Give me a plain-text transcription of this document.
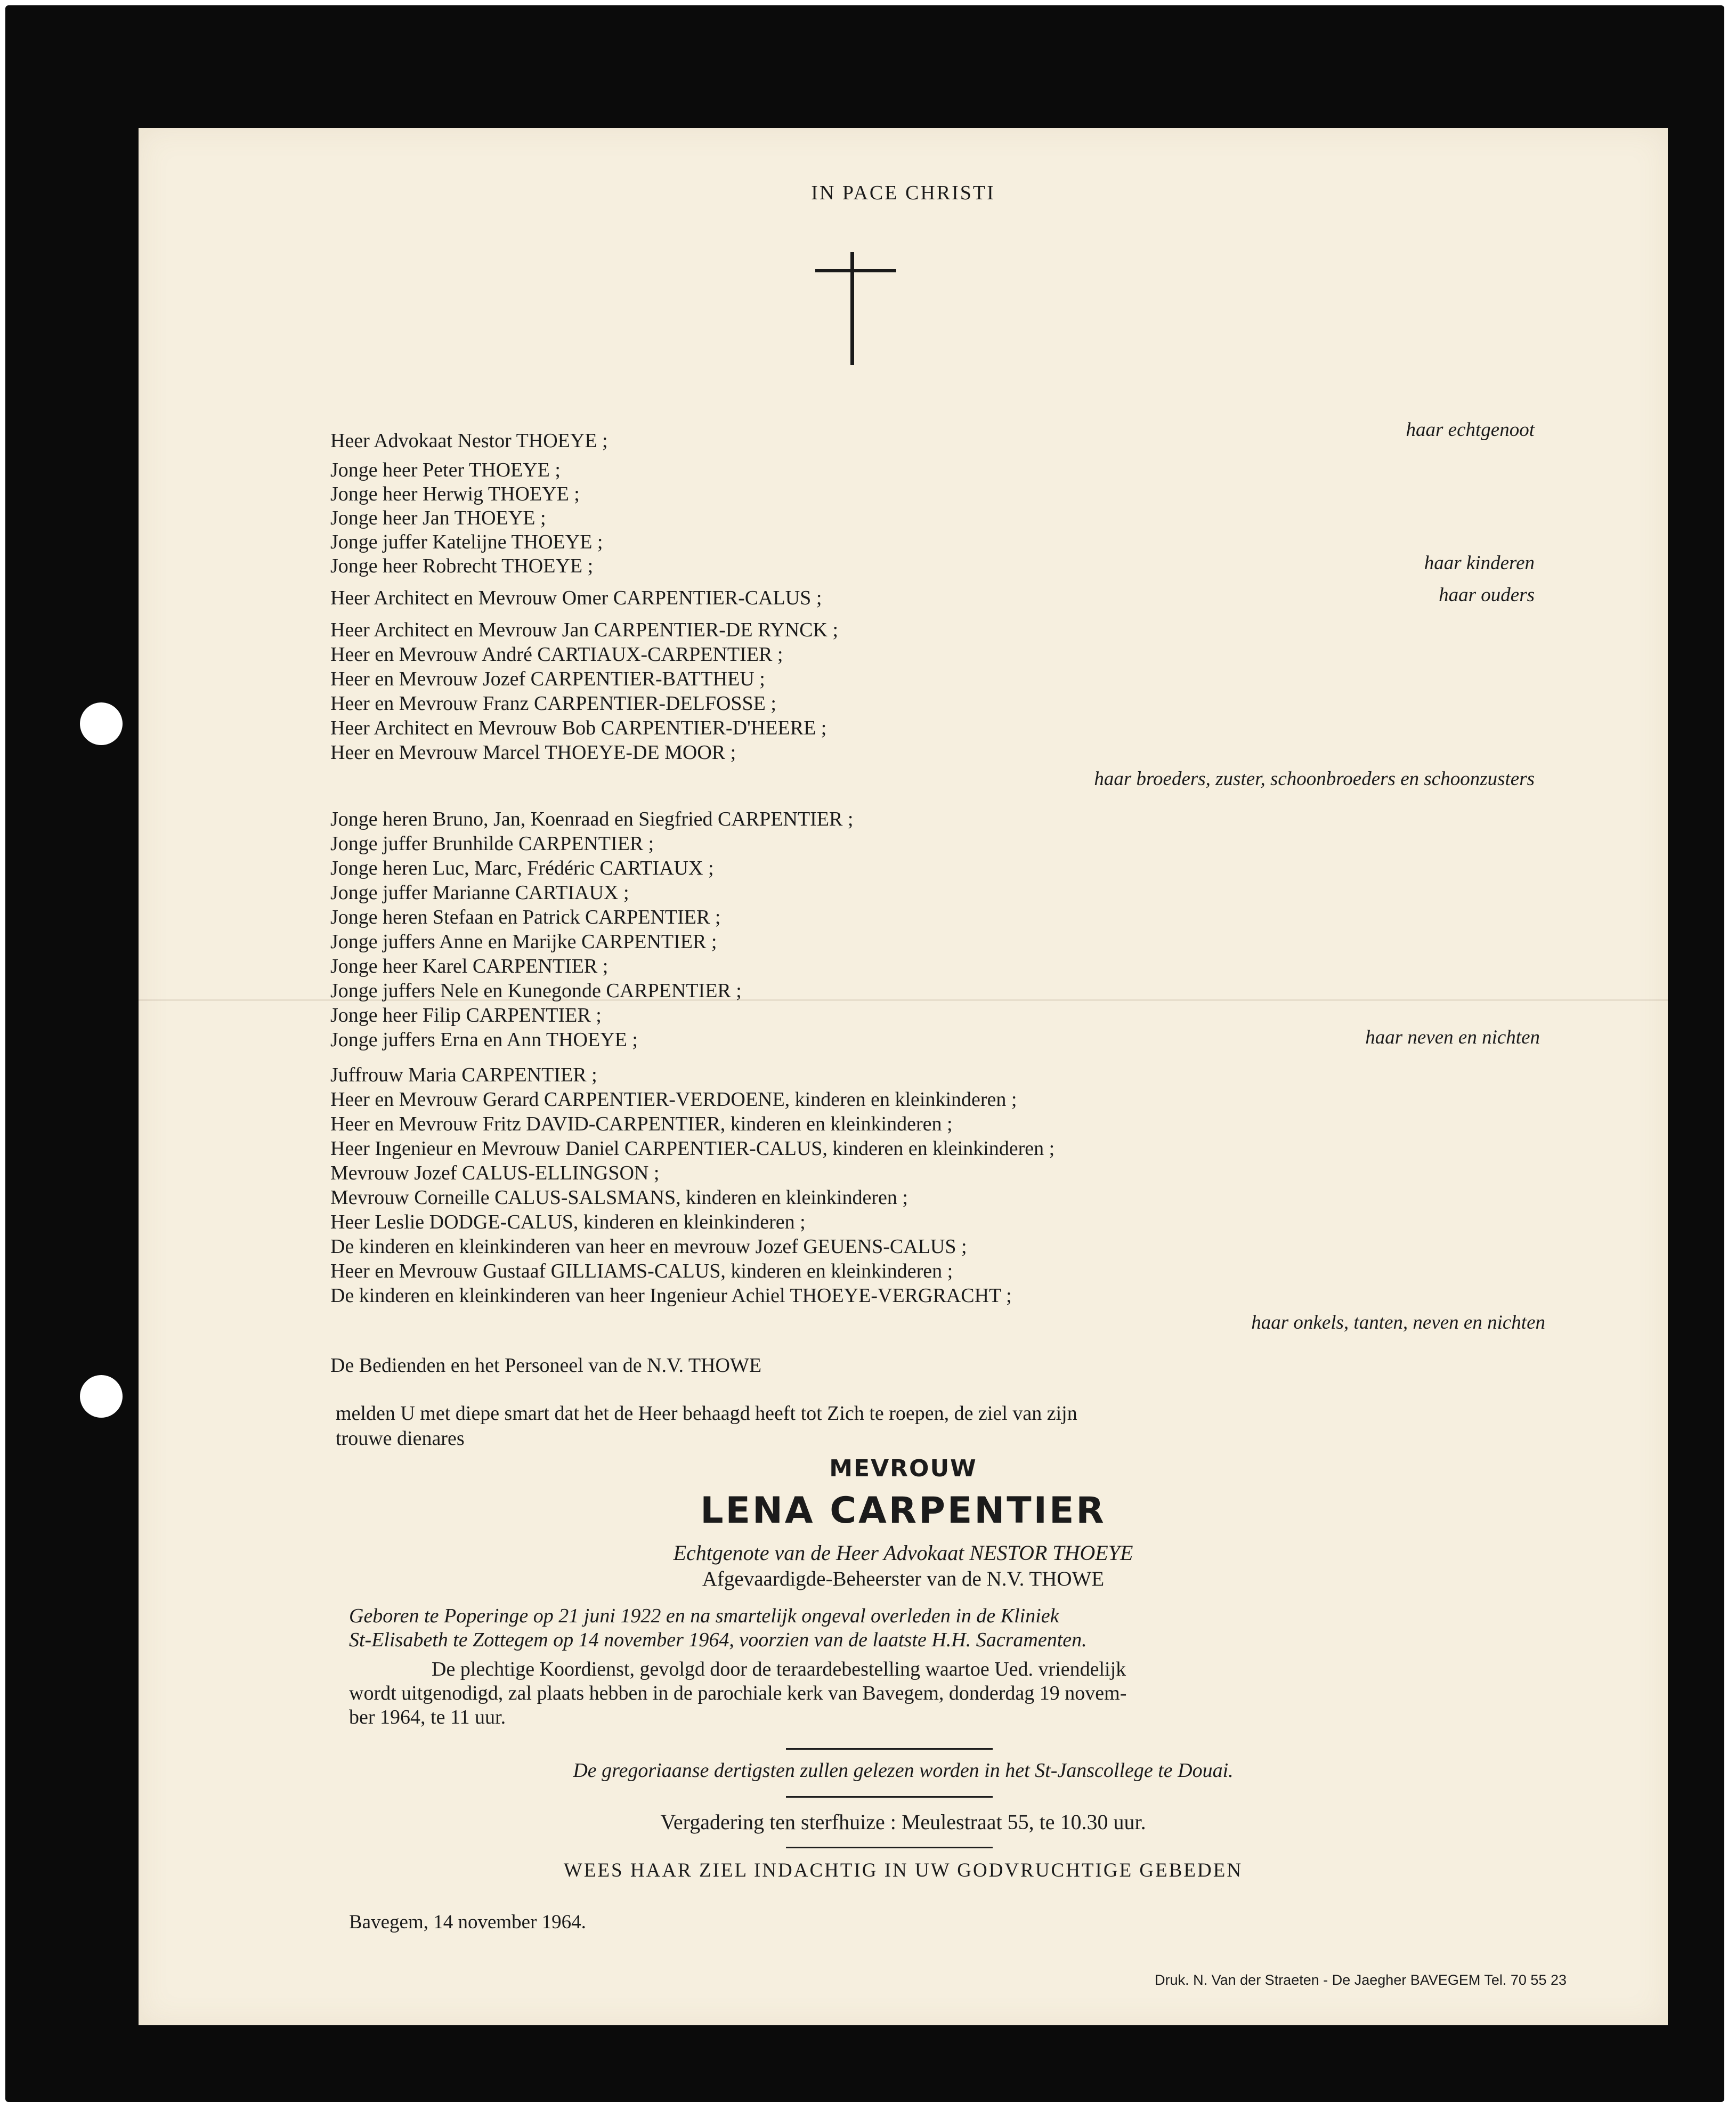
IN PACE CHRISTI

Heer Advokaat Nestor THOEYE ;	haar echtgenoot

Jonge heer Peter THOEYE ;

Jonge heer Herwig THOEYE ;

Jonge heer Jan THOEYE ;

Jonge juffer Katelijne THOEYE ;

Jonge heer Robrecht THOEYE ;	haar kinderen

Heer Architect en Mevrouw Omer CARPENTIER-CALUS ;	haar ouders

Heer Architect en Mevrouw Jan CARPENTIER-DE RYNCK ;

Heer en Mevrouw André CARTIAUX-CARPENTIER ;

Heer en Mevrouw Jozef CARPENTIER-BATTHEU ;

Heer en Mevrouw Franz CARPENTIER-DELFOSSE ;

Heer Architect en Mevrouw Bob CARPENTIER-D'HEERE ;

Heer en Mevrouw Marcel THOEYE-DE MOOR ;

haar broeders, zuster, schoonbroeders en schoonzusters

Jonge heren Bruno, Jan, Koenraad en Siegfried CARPENTIER ;

Jonge juffer Brunhilde CARPENTIER ;

Jonge heren Luc, Marc, Frédéric CARTIAUX ;

Jonge juffer Marianne CARTIAUX ;

Jonge heren Stefaan en Patrick CARPENTIER ;

Jonge juffers Anne en Marijke CARPENTIER ;

Jonge heer Karel CARPENTIER ;

Jonge juffers Nele en Kunegonde CARPENTIER ;

Jonge heer Filip CARPENTIER ;

Jonge juffers Erna en Ann THOEYE ;	haar neven en nichten

Juffrouw Maria CARPENTIER ;

Heer en Mevrouw Gerard CARPENTIER-VERDOENE, kinderen en kleinkinderen ;

Heer en Mevrouw Fritz DAVID-CARPENTIER, kinderen en kleinkinderen ;

Heer Ingenieur en Mevrouw Daniel CARPENTIER-CALUS, kinderen en kleinkinderen ;

Mevrouw Jozef CALUS-ELLINGSON ;

Mevrouw Corneille CALUS-SALSMANS, kinderen en kleinkinderen ;

Heer Leslie DODGE-CALUS, kinderen en kleinkinderen ;

De kinderen en kleinkinderen van heer en mevrouw Jozef GEUENS-CALUS ;

Heer en Mevrouw Gustaaf GILLIAMS-CALUS, kinderen en kleinkinderen ;

De kinderen en kleinkinderen van heer Ingenieur Achiel THOEYE-VERGRACHT ;

haar onkels, tanten, neven en nichten

De Bedienden en het Personeel van de N.V. THOWE

melden U met diepe smart dat het de Heer behaagd heeft tot Zich te roepen, de ziel van zijn

trouwe dienares

MEVROUW

LENA CARPENTIER

Echtgenote van de Heer Advokaat NESTOR THOEYE

Afgevaardigde-Beheerster van de N.V. THOWE

Geboren te Poperinge op 21 juni 1922 en na smartelijk ongeval overleden in de Kliniek

St-Elisabeth te Zottegem op 14 november 1964, voorzien van de laatste H.H. Sacramenten.

De plechtige Koordienst, gevolgd door de teraardebestelling waartoe Ued. vriendelijk

wordt uitgenodigd, zal plaats hebben in de parochiale kerk van Bavegem, donderdag 19 novem-

ber 1964, te 11 uur.

De gregoriaanse dertigsten zullen gelezen worden in het St-Janscollege te Douai.

Vergadering ten sterfhuize : Meulestraat 55, te 10.30 uur.

WEES HAAR ZIEL INDACHTIG IN UW GODVRUCHTIGE GEBEDEN

Bavegem, 14 november 1964.

Druk. N. Van der Straeten - De Jaegher BAVEGEM Tel. 70 55 23
